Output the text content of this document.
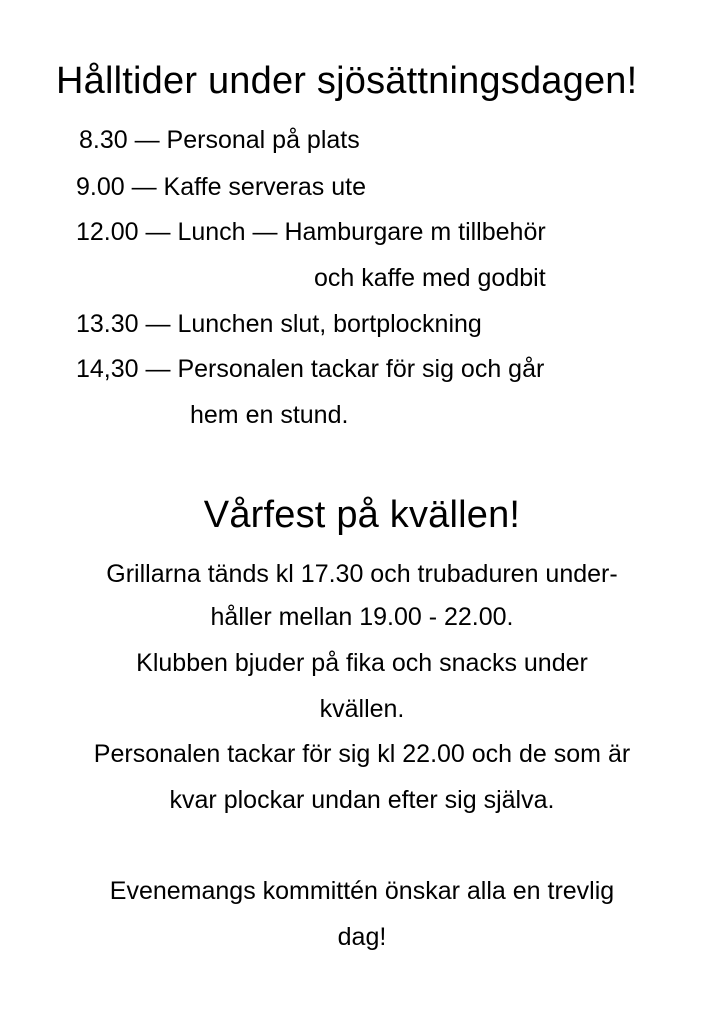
Hålltider under sjösättningsdagen!
8.30 — Personal på plats
9.00 — Kaffe serveras ute
12.00 — Lunch — Hamburgare m tillbehör
och kaffe med godbit
13.30 — Lunchen slut, bortplockning
14,30 — Personalen tackar för sig och går
hem en stund.
Vårfest på kvällen!
Grillarna tänds kl 17.30 och trubaduren under-
håller mellan 19.00 - 22.00.
Klubben bjuder på fika och snacks under
kvällen.
Personalen tackar för sig kl 22.00 och de som är
kvar plockar undan efter sig själva.
Evenemangs kommittén önskar alla en trevlig
dag!
